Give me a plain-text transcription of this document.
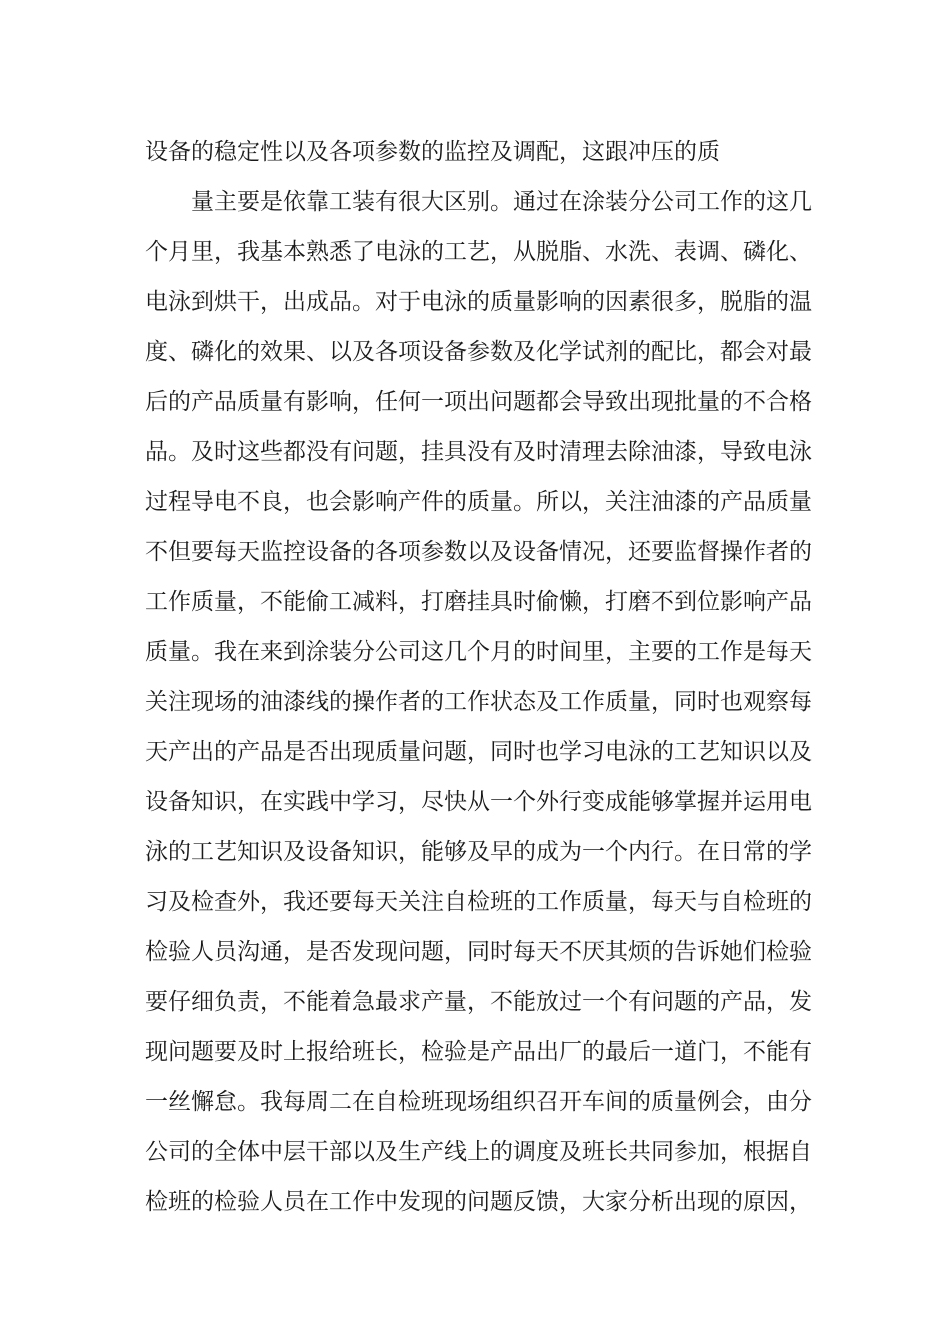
设备的稳定性以及各项参数的监控及调配，这跟冲压的质
量主要是依靠工装有很大区别。通过在涂装分公司工作的这几
个月里，我基本熟悉了电泳的工艺，从脱脂、水洗、表调、磷化、
电泳到烘干，出成品。对于电泳的质量影响的因素很多，脱脂的温
度、磷化的效果、以及各项设备参数及化学试剂的配比，都会对最
后的产品质量有影响，任何一项出问题都会导致出现批量的不合格
品。及时这些都没有问题，挂具没有及时清理去除油漆，导致电泳
过程导电不良，也会影响产件的质量。所以，关注油漆的产品质量
不但要每天监控设备的各项参数以及设备情况，还要监督操作者的
工作质量，不能偷工减料，打磨挂具时偷懒，打磨不到位影响产品
质量。我在来到涂装分公司这几个月的时间里，主要的工作是每天
关注现场的油漆线的操作者的工作状态及工作质量，同时也观察每
天产出的产品是否出现质量问题，同时也学习电泳的工艺知识以及
设备知识，在实践中学习，尽快从一个外行变成能够掌握并运用电
泳的工艺知识及设备知识，能够及早的成为一个内行。在日常的学
习及检查外，我还要每天关注自检班的工作质量，每天与自检班的
检验人员沟通，是否发现问题，同时每天不厌其烦的告诉她们检验
要仔细负责，不能着急最求产量，不能放过一个有问题的产品，发
现问题要及时上报给班长，检验是产品出厂的最后一道门，不能有
一丝懈怠。我每周二在自检班现场组织召开车间的质量例会，由分
公司的全体中层干部以及生产线上的调度及班长共同参加，根据自
检班的检验人员在工作中发现的问题反馈，大家分析出现的原因，
